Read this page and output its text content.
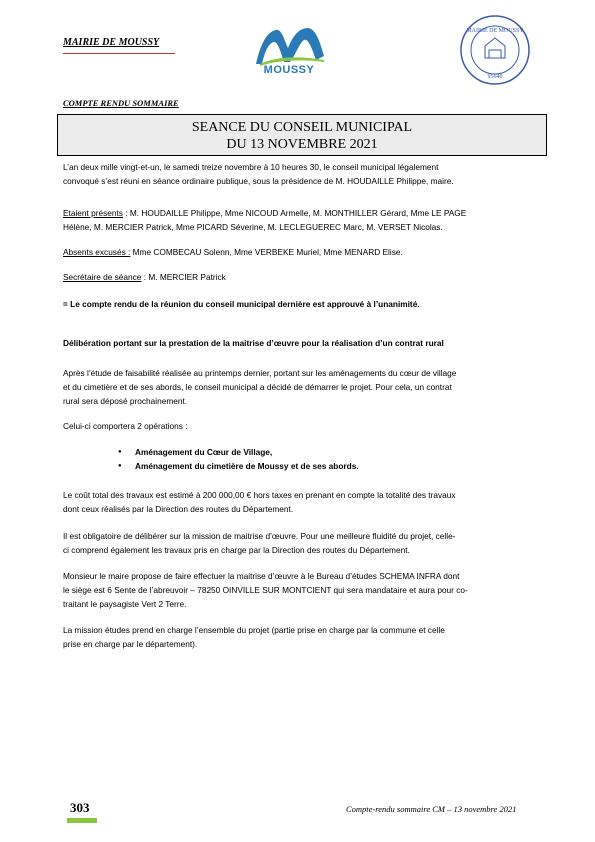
MAIRIE DE MOUSSY
MOUSSY
MAIRIE DE MOUSSY
95640
COMPTE RENDU SOMMAIRE
SEANCE DU CONSEIL MUNICIPAL
DU 13 NOVEMBRE 2021
L’an deux mille vingt-et-un, le samedi treize novembre à 10 heures 30, le conseil municipal légalement
convoqué s’est réuni en séance ordinaire publique, sous la présidence de M. HOUDAILLE Philippe, maire.
Etaient présents : M. HOUDAILLE Philippe, Mme NICOUD Armelle, M. MONTHILLER Gérard, Mme LE PAGE
Hélène, M. MERCIER Patrick, Mme PICARD Séverine, M. LECLEGUEREC Marc, M. VERSET Nicolas.
Absents excusés : Mme COMBECAU Solenn, Mme VERBEKE Muriel, Mme MENARD Elise.
Secrétaire de séance : M. MERCIER Patrick
= Le compte rendu de la réunion du conseil municipal dernière est approuvé à l’unanimité.
Délibération portant sur la prestation de la maitrise d’œuvre pour la réalisation d’un contrat rural
Après l’étude de faisabilité réalisée au printemps dernier, portant sur les aménagements du cœur de village
et du cimetière et de ses abords, le conseil municipal a décidé de démarrer le projet. Pour cela, un contrat
rural sera déposé prochainement.
Celui-ci comportera 2 opérations :
● Aménagement du Cœur de Village,
● Aménagement du cimetière de Moussy et de ses abords.
Le coût total des travaux est estimé à 200 000,00 € hors taxes en prenant en compte la totalité des travaux
dont ceux réalisés par la Direction des routes du Département.
Il est obligatoire de délibérer sur la mission de maitrise d’œuvre. Pour une meilleure fluidité du projet, celle-
ci comprend également les travaux pris en charge par la Direction des routes du Département.
Monsieur le maire propose de faire effectuer la maitrise d’œuvre à le Bureau d’études SCHEMA INFRA dont
le siège est 6 Sente de l’abreuvoir – 78250 OINVILLE SUR MONTCIENT qui sera mandataire et aura pour co-
traitant le paysagiste Vert 2 Terre.
La mission études prend en charge l’ensemble du projet (partie prise en charge par la commune et celle
prise en charge par le département).
303	Compte-rendu sommaire CM – 13 novembre 2021
